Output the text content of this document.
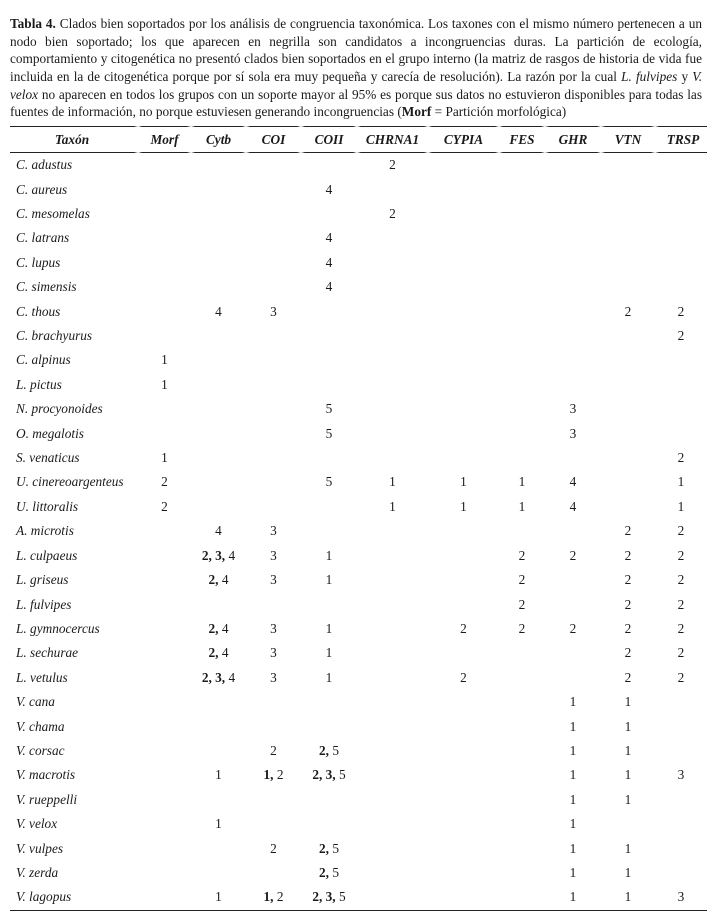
Tabla 4. Clados bien soportados por los análisis de congruencia taxonómica. Los taxones con el mismo número pertenecen a un nodo bien soportado; los que aparecen en negrilla son candidatos a incongruencias duras. La partición de ecología, comportamiento y citogenética no presentó clados bien soportados en el grupo interno (la matriz de rasgos de historia de vida fue incluida en la de citogenética porque por sí sola era muy pequeña y carecía de resolución). La razón por la cual L. fulvipes y V. velox no aparecen en todos los grupos con un soporte mayor al 95% es porque sus datos no estuvieron disponibles para todas las fuentes de información, no porque estuviesen generando incongruencias (Morf = Partición morfológica)

Taxón	Morf	Cytb	COI	COII	CHRNA1	CYPIA	FES	GHR	VTN	TRSP
C. adustus					2					
C. aureus				4						
C. mesomelas					2					
C. latrans				4						
C. lupus				4						
C. simensis				4						
C. thous		4	3						2	2
C. brachyurus										2
C. alpinus	1									
L. pictus	1									
N. procyonoides				5				3		
O. megalotis				5				3		
S. venaticus	1									2
U. cinereoargenteus	2			5	1	1	1	4		1
U. littoralis	2				1	1	1	4		1
A. microtis		4	3						2	2
L. culpaeus		2, 3, 4	3	1			2	2	2	2
L. griseus		2, 4	3	1			2		2	2
L. fulvipes							2		2	2
L. gymnocercus		2, 4	3	1		2	2	2	2	2
L. sechurae		2, 4	3	1					2	2
L. vetulus		2, 3, 4	3	1		2			2	2
V. cana								1	1	
V. chama								1	1	
V. corsac			2	2, 5				1	1	
V. macrotis		1	1, 2	2, 3, 5				1	1	3
V. rueppelli								1	1	
V. velox		1						1		
V. vulpes			2	2, 5				1	1	
V. zerda				2, 5				1	1	
V. lagopus		1	1, 2	2, 3, 5				1	1	3
